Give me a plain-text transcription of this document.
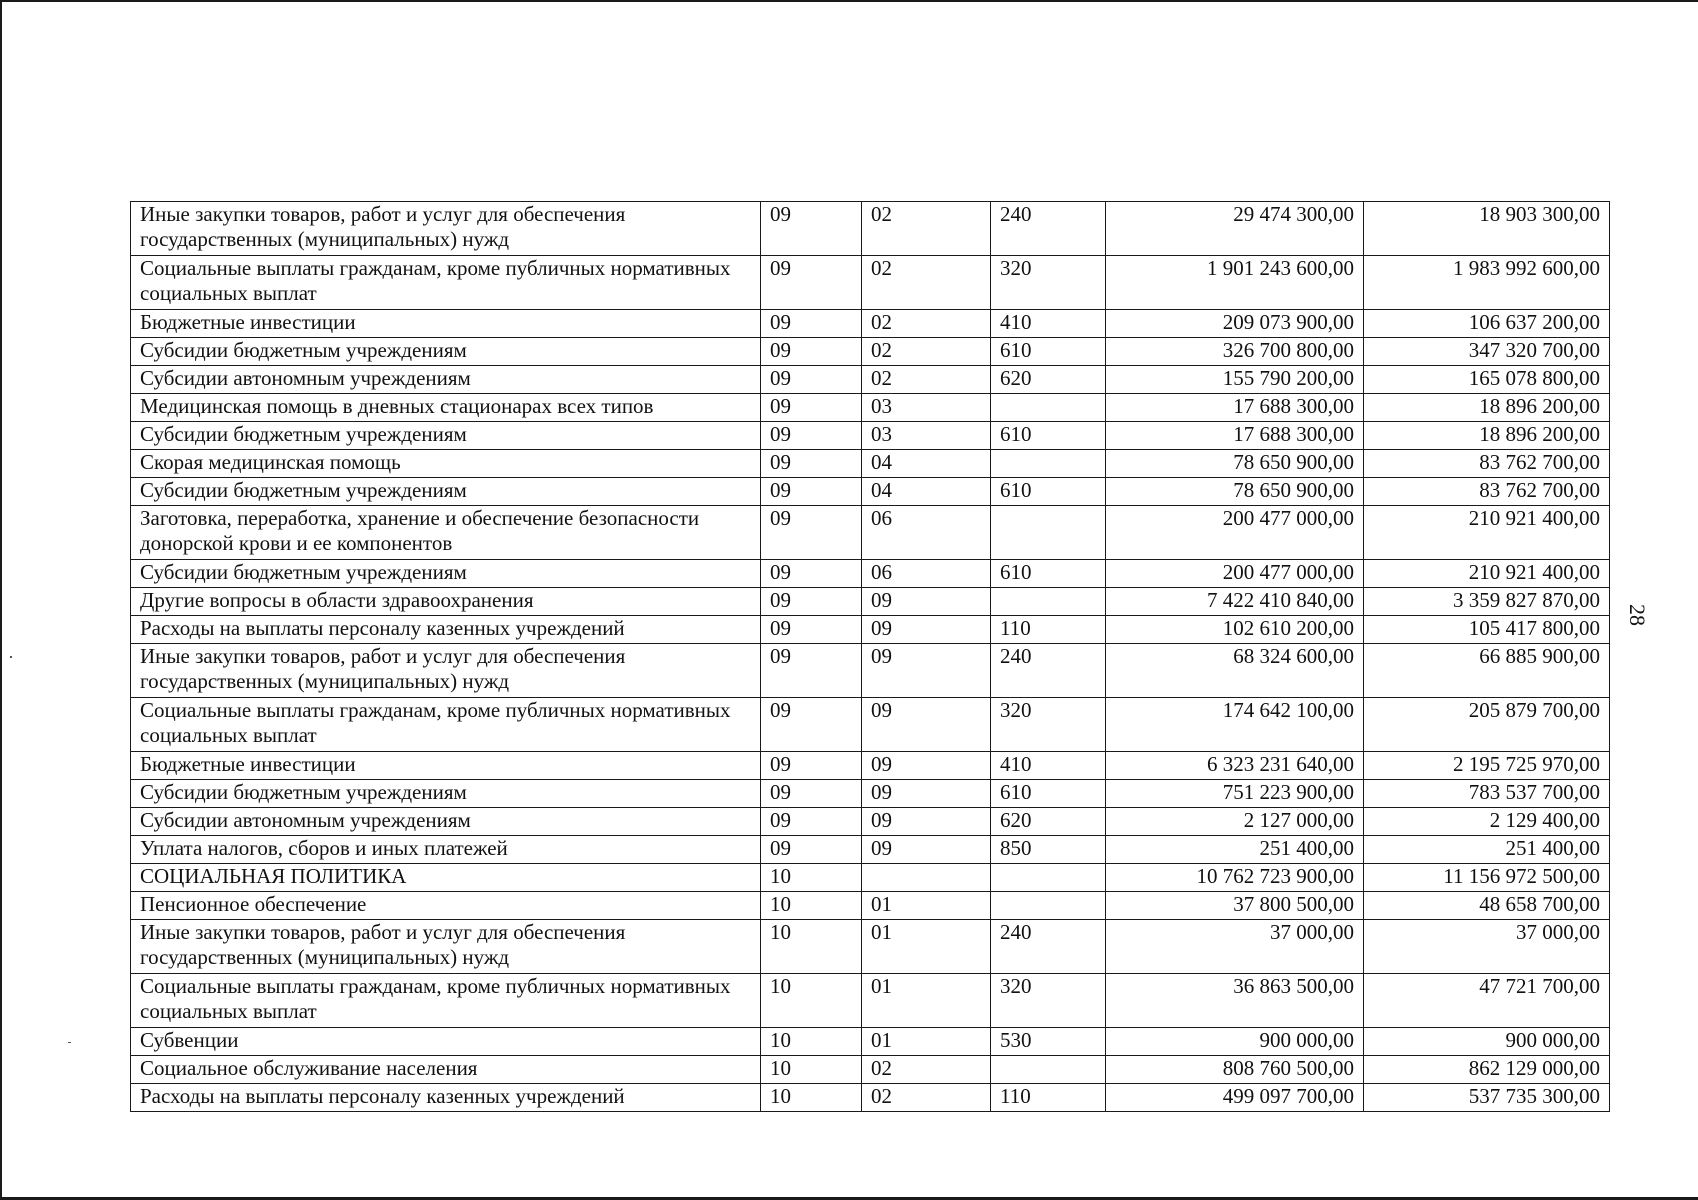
Иные закупки товаров, работ и услуг для обеспечения государственных (муниципальных) нужд	09	02	240	29 474 300,00	18 903 300,00
Социальные выплаты гражданам, кроме публичных нормативных социальных выплат	09	02	320	1 901 243 600,00	1 983 992 600,00
Бюджетные инвестиции	09	02	410	209 073 900,00	106 637 200,00
Субсидии бюджетным учреждениям	09	02	610	326 700 800,00	347 320 700,00
Субсидии автономным учреждениям	09	02	620	155 790 200,00	165 078 800,00
Медицинская помощь в дневных стационарах всех типов	09	03		17 688 300,00	18 896 200,00
Субсидии бюджетным учреждениям	09	03	610	17 688 300,00	18 896 200,00
Скорая медицинская помощь	09	04		78 650 900,00	83 762 700,00
Субсидии бюджетным учреждениям	09	04	610	78 650 900,00	83 762 700,00
Заготовка, переработка, хранение и обеспечение безопасности донорской крови и ее компонентов	09	06		200 477 000,00	210 921 400,00
Субсидии бюджетным учреждениям	09	06	610	200 477 000,00	210 921 400,00
Другие вопросы в области здравоохранения	09	09		7 422 410 840,00	3 359 827 870,00
Расходы на выплаты персоналу казенных учреждений	09	09	110	102 610 200,00	105 417 800,00
Иные закупки товаров, работ и услуг для обеспечения государственных (муниципальных) нужд	09	09	240	68 324 600,00	66 885 900,00
Социальные выплаты гражданам, кроме публичных нормативных социальных выплат	09	09	320	174 642 100,00	205 879 700,00
Бюджетные инвестиции	09	09	410	6 323 231 640,00	2 195 725 970,00
Субсидии бюджетным учреждениям	09	09	610	751 223 900,00	783 537 700,00
Субсидии автономным учреждениям	09	09	620	2 127 000,00	2 129 400,00
Уплата налогов, сборов и иных платежей	09	09	850	251 400,00	251 400,00
СОЦИАЛЬНАЯ ПОЛИТИКА	10			10 762 723 900,00	11 156 972 500,00
Пенсионное обеспечение	10	01		37 800 500,00	48 658 700,00
Иные закупки товаров, работ и услуг для обеспечения государственных (муниципальных) нужд	10	01	240	37 000,00	37 000,00
Социальные выплаты гражданам, кроме публичных нормативных социальных выплат	10	01	320	36 863 500,00	47 721 700,00
Субвенции	10	01	530	900 000,00	900 000,00
Социальное обслуживание населения	10	02		808 760 500,00	862 129 000,00
Расходы на выплаты персоналу казенных учреждений	10	02	110	499 097 700,00	537 735 300,00
28
